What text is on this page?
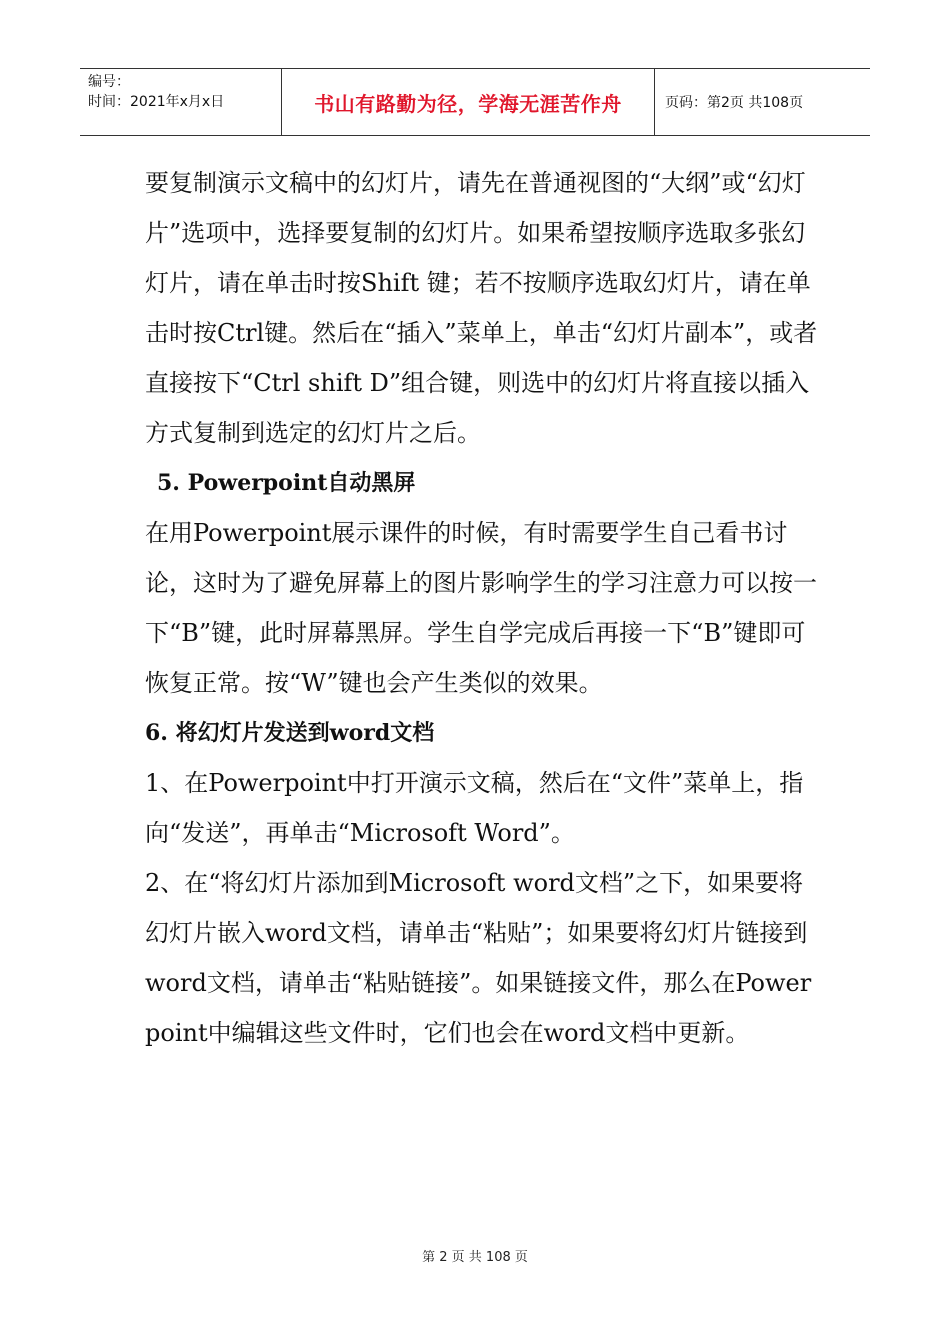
编号：
时间：2021年x月x日	书山有路勤为径，学海无涯苦作舟	页码：第2页 共108页

要复制演示文稿中的幻灯片，请先在普通视图的“大纲”或“幻灯片”选项中，选择要复制的幻灯片。如果希望按顺序选取多张幻灯片，请在单击时按Shift 键；若不按顺序选取幻灯片，请在单击时按Ctrl键。然后在“插入”菜单上，单击“幻灯片副本”，或者直接按下“Ctrl shift D”组合键，则选中的幻灯片将直接以插入方式复制到选定的幻灯片之后。

5. Powerpoint自动黑屏

在用Powerpoint展示课件的时候，有时需要学生自己看书讨论，这时为了避免屏幕上的图片影响学生的学习注意力可以按一下“B”键，此时屏幕黑屏。学生自学完成后再接一下“B”键即可恢复正常。按“W”键也会产生类似的效果。

6. 将幻灯片发送到word文档

1、在Powerpoint中打开演示文稿，然后在“文件”菜单上，指向“发送”，再单击“Microsoft Word”。

2、在“将幻灯片添加到Microsoft word文档”之下，如果要将幻灯片嵌入word文档，请单击“粘贴”；如果要将幻灯片链接到word文档，请单击“粘贴链接”。如果链接文件，那么在Powerpoint中编辑这些文件时，它们也会在word文档中更新。

第 2 页 共 108 页
